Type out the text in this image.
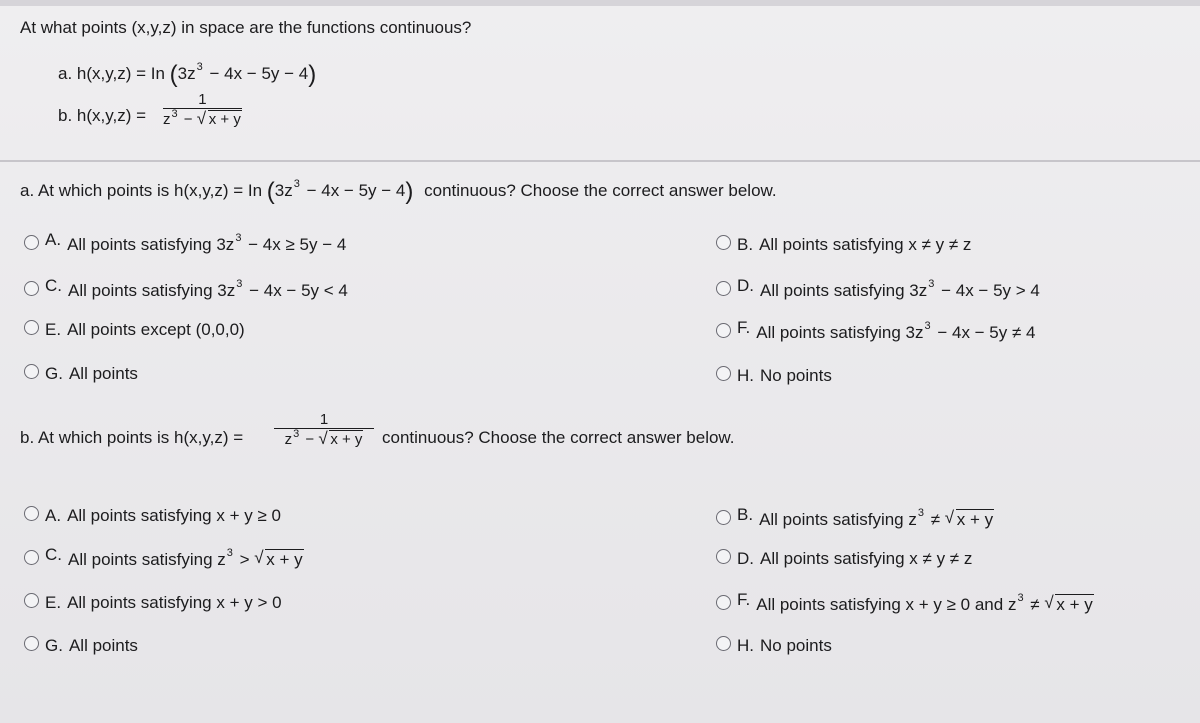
At what points (x,y,z) in space are the functions continuous?
a. h(x,y,z) = In $(3z^3 - 4x - 5y - 4)$
b. $h(x,y,z) = \frac{1}{z^3 - √ x + y}$
a. At which points is h(x,y,z) = In $(3z^3 - 4x - 5y - 4)$ continuous? Choose the correct answer below.
A. All points satisfying $3z^3 - 4x \ge 5y - 4$	B. All points satisfying x ≠ y ≠ z
C. All points satisfying $3z^3 - 4x - 5y < 4$	D. All points satisfying $3z^3 - 4x - 5y > 4$
E. All points except (0,0,0)	F. All points satisfying $3z^3 - 4x - 5y \ne 4$
G. All points	H. No points
b. At which points is $h(x,y,z) = \frac{1}{z^3 - √ x + y}$ continuous? Choose the correct answer below.
A. All points satisfying x + y ≥ 0	B. All points satisfying $z^3$ ≠ √ x + y
C. All points satisfying $z^3$ > √ x + y	D. All points satisfying x ≠ y ≠ z
E. All points satisfying x + y > 0	F. All points satisfying x + y ≥ 0 and $z^3$ ≠ √ x + y
G. All points	H. No points
